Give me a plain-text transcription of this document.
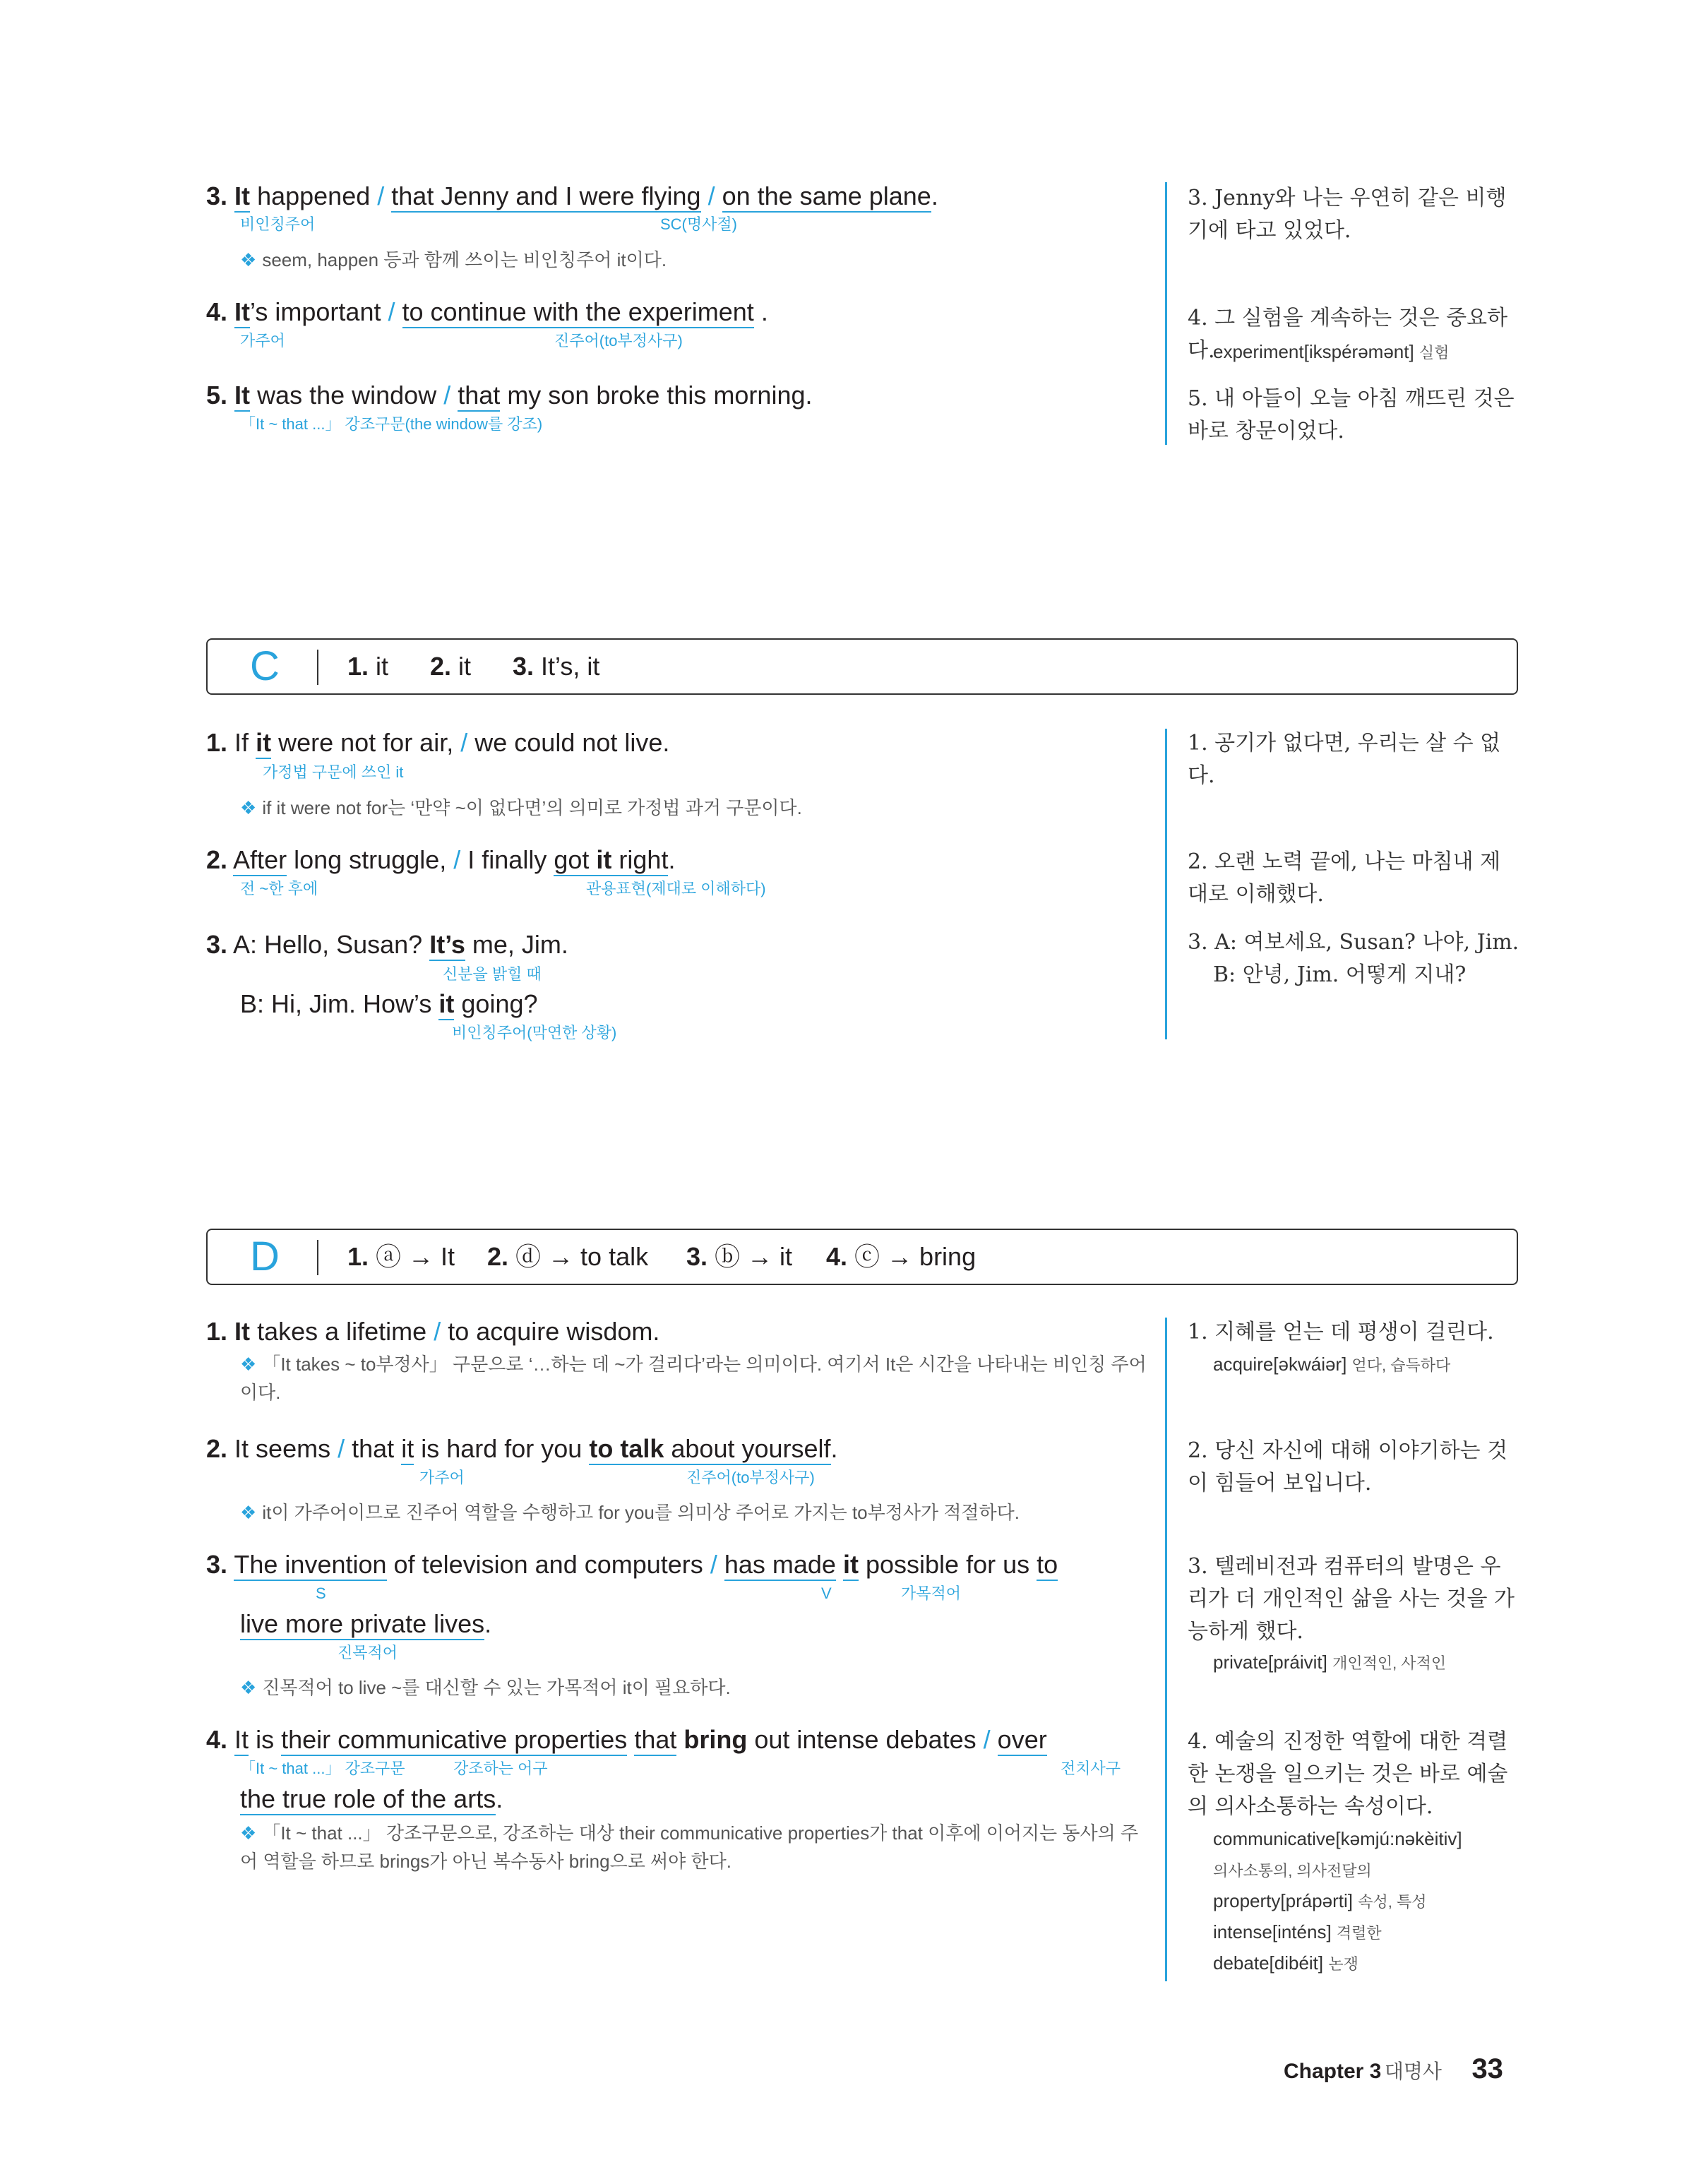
3. It happened / that Jenny and I were flying / on the same plane.
비인칭주어	SC(명사절)
❖ seem, happen 등과 함께 쓰이는 비인칭주어 it이다.
4. It’s important / to continue with the experiment .
가주어	진주어(to부정사구)
5. It was the window / that my son broke this morning.
「It ~ that ...」 강조구문(the window를 강조)
3. Jenny와 나는 우연히 같은 비행기에 타고 있었다.
4. 그 실험을 계속하는 것은 중요하다.
experiment[ikspérəmənt] 실험
5. 내 아들이 오늘 아침 깨뜨린 것은 바로 창문이었다.
C	1. it 2. it 3. It’s, it
1. If it were not for air, / we could not live.
가정법 구문에 쓰인 it
❖ if it were not for는 ‘만약 ~이 없다면’의 의미로 가정법 과거 구문이다.
2. After long struggle, / I finally got it right.
전 ~한 후에	관용표현(제대로 이해하다)
3. A: Hello, Susan? It’s me, Jim.
신분을 밝힐 때
B: Hi, Jim. How’s it going?
비인칭주어(막연한 상황)
1. 공기가 없다면, 우리는 살 수 없다.
2. 오랜 노력 끝에, 나는 마침내 제대로 이해했다.
3. A: 여보세요, Susan? 나야, Jim.
B: 안녕, Jim. 어떻게 지내?
D	1. ⓐ → It 2. ⓓ → to talk 3. ⓑ → it 4. ⓒ → bring
1. It takes a lifetime / to acquire wisdom.
❖ 「It takes ~ to부정사」 구문으로 ‘…하는 데 ~가 걸리다’라는 의미이다. 여기서 It은 시간을 나타내는 비인칭 주어이다.
2. It seems / that it is hard for you to talk about yourself.
가주어	진주어(to부정사구)
❖ it이 가주어이므로 진주어 역할을 수행하고 for you를 의미상 주어로 가지는 to부정사가 적절하다.
3. The invention of television and computers / has made it possible for us to
S	V	가목적어
live more private lives.
진목적어
❖ 진목적어 to live ~를 대신할 수 있는 가목적어 it이 필요하다.
4. It is their communicative properties that bring out intense debates / over
「It ~ that ...」 강조구문	강조하는 어구	전치사구
the true role of the arts.
❖ 「It ~ that ...」 강조구문으로, 강조하는 대상 their communicative properties가 that 이후에 이어지는 동사의 주어 역할을 하므로 brings가 아닌 복수동사 bring으로 써야 한다.
1. 지혜를 얻는 데 평생이 걸린다.
acquire[əkwáiər] 얻다, 습득하다
2. 당신 자신에 대해 이야기하는 것이 힘들어 보입니다.
3. 텔레비전과 컴퓨터의 발명은 우리가 더 개인적인 삶을 사는 것을 가능하게 했다.
private[práivit] 개인적인, 사적인
4. 예술의 진정한 역할에 대한 격렬한 논쟁을 일으키는 것은 바로 예술의 의사소통하는 속성이다.
communicative[kəmjú:nəkèitiv]
의사소통의, 의사전달의
property[prápərti] 속성, 특성
intense[inténs] 격렬한
debate[dibéit] 논쟁
Chapter 3 대명사 33
